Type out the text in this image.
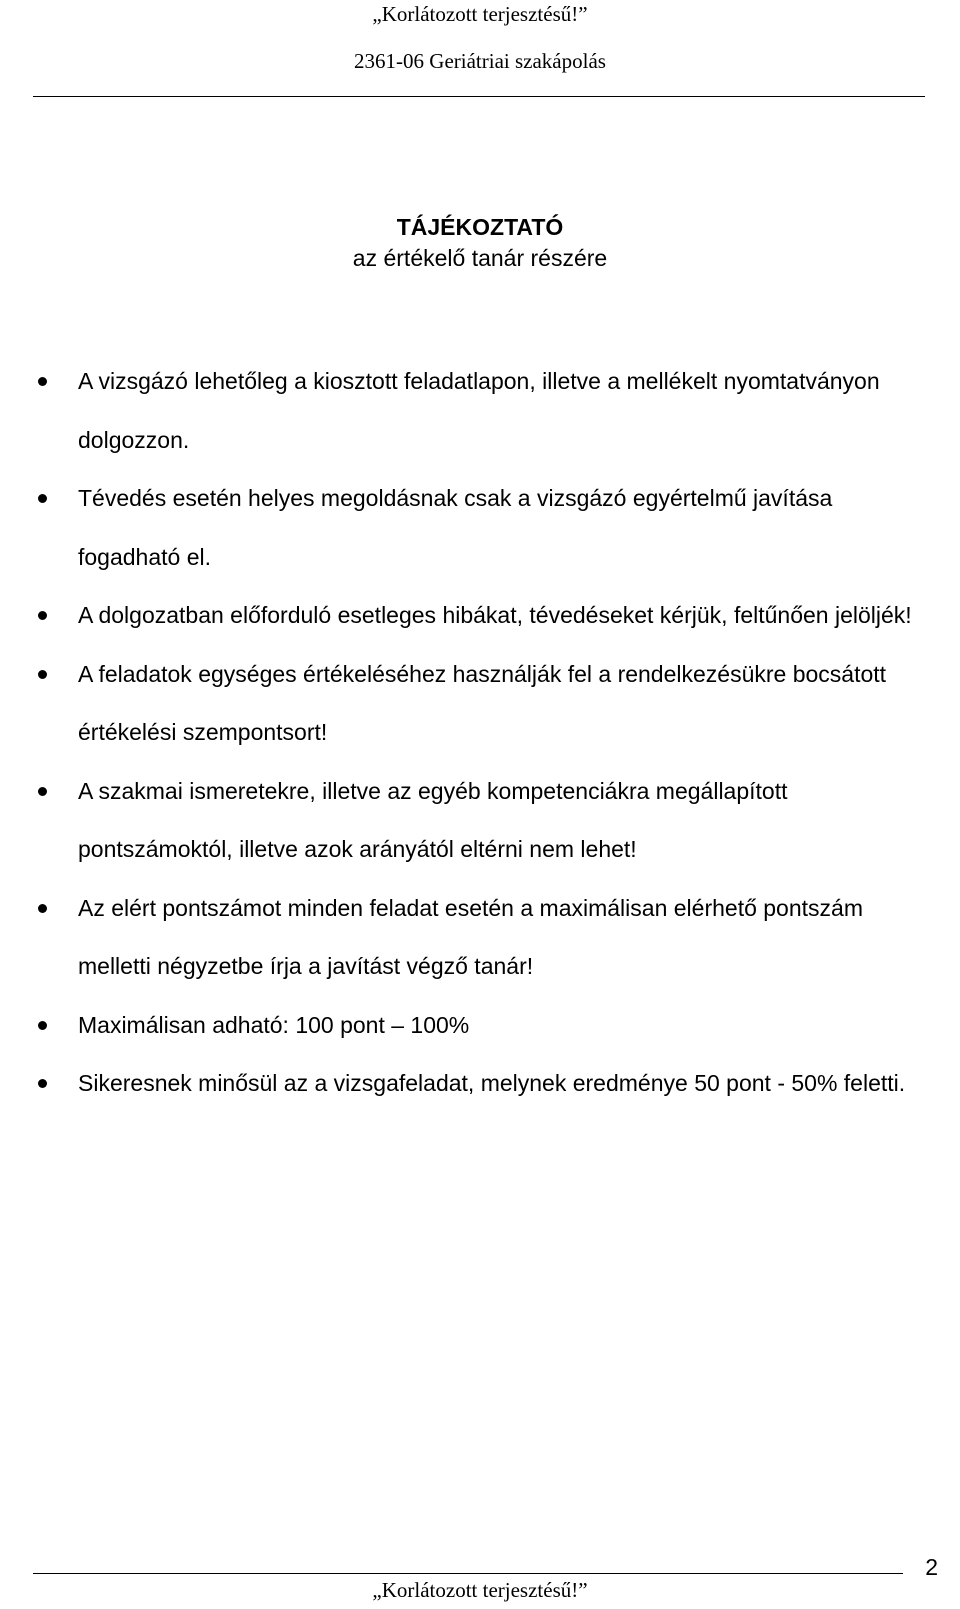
„Korlátozott terjesztésű!”
2361-06 Geriátriai szakápolás
TÁJÉKOZTATÓ
az értékelő tanár részére
A vizsgázó lehetőleg a kiosztott feladatlapon, illetve a mellékelt nyomtatványon dolgozzon.
Tévedés esetén helyes megoldásnak csak a vizsgázó egyértelmű javítása fogadható el.
A dolgozatban előforduló esetleges hibákat, tévedéseket kérjük, feltűnően jelöljék!
A feladatok egységes értékeléséhez használják fel a rendelkezésükre bocsátott értékelési szempontsort!
A szakmai ismeretekre, illetve az egyéb kompetenciákra megállapított pontszámoktól, illetve azok arányától eltérni nem lehet!
Az elért pontszámot minden feladat esetén a maximálisan elérhető pontszám melletti négyzetbe írja a javítást végző tanár!
Maximálisan adható: 100 pont – 100%
Sikeresnek minősül az a vizsgafeladat, melynek eredménye 50 pont - 50% feletti.
„Korlátozott terjesztésű!”
2
